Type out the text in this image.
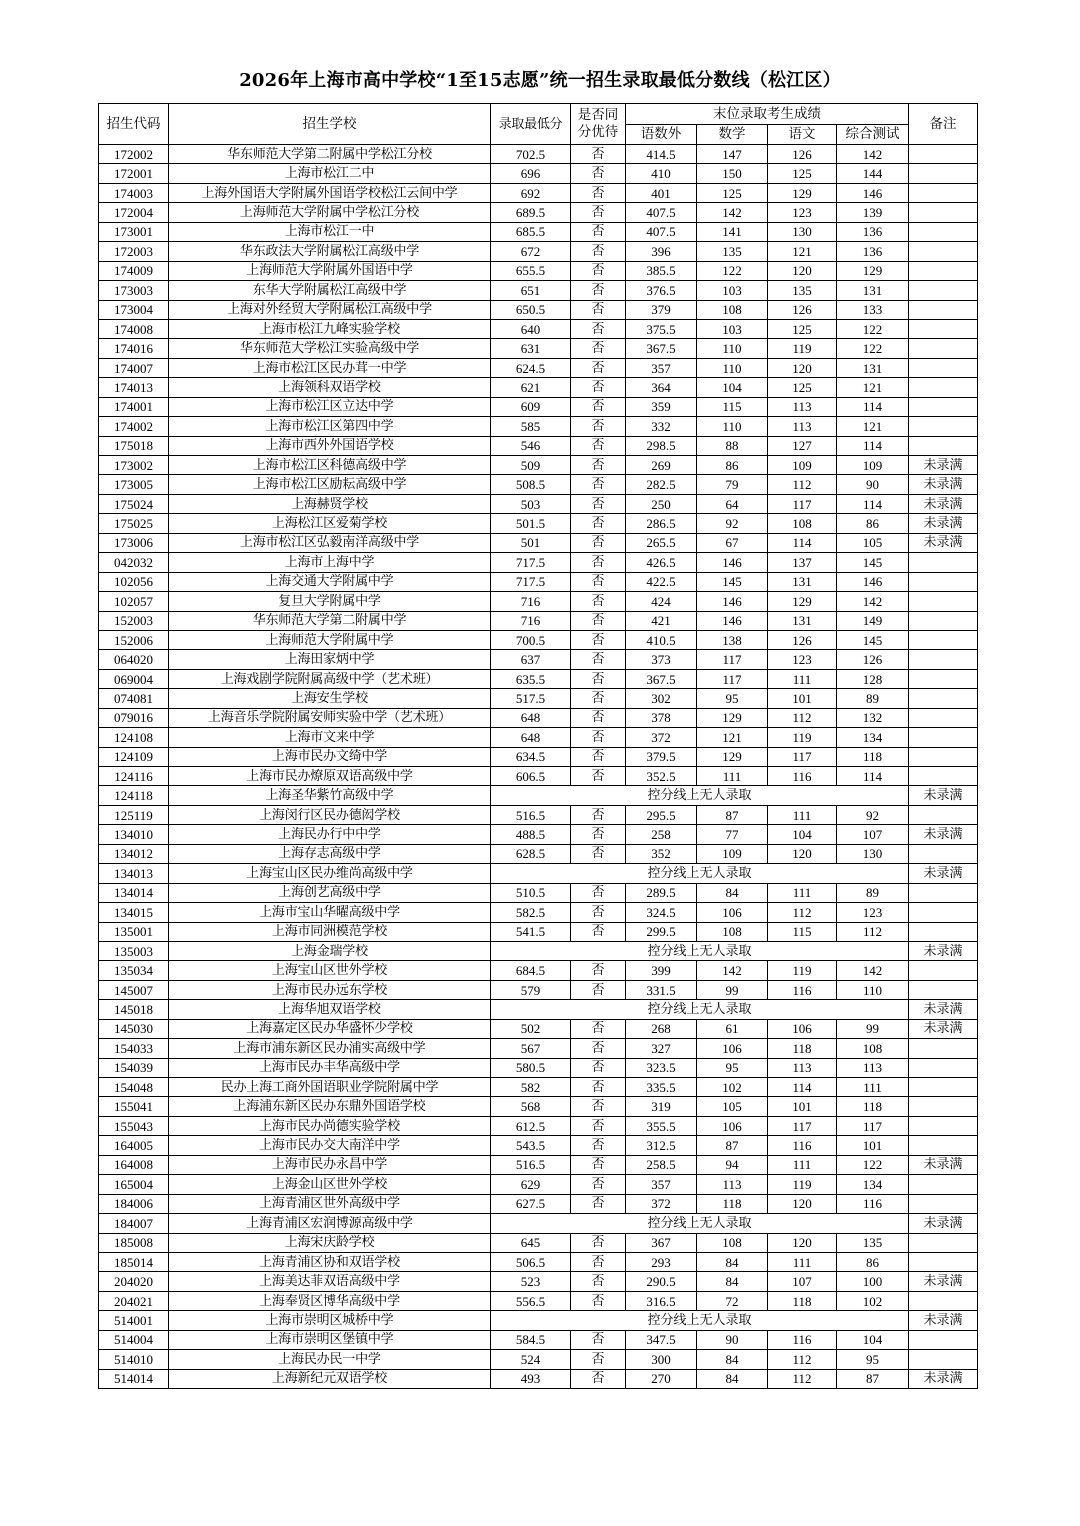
2026年上海市高中学校“1至15志愿”统一招生录取最低分数线（松江区）
招生代码	招生学校	录取最低分	是否同分优待	末位录取考生成绩				备注
				语数外	数学	语文	综合测试	
172002	华东师范大学第二附属中学松江分校	702.5	否	414.5	147	126	142	
172001	上海市松江二中	696	否	410	150	125	144	
174003	上海外国语大学附属外国语学校松江云间中学	692	否	401	125	129	146	
172004	上海师范大学附属中学松江分校	689.5	否	407.5	142	123	139	
173001	上海市松江一中	685.5	否	407.5	141	130	136	
172003	华东政法大学附属松江高级中学	672	否	396	135	121	136	
174009	上海师范大学附属外国语中学	655.5	否	385.5	122	120	129	
173003	东华大学附属松江高级中学	651	否	376.5	103	135	131	
173004	上海对外经贸大学附属松江高级中学	650.5	否	379	108	126	133	
174008	上海市松江九峰实验学校	640	否	375.5	103	125	122	
174016	华东师范大学松江实验高级中学	631	否	367.5	110	119	122	
174007	上海市松江区民办茸一中学	624.5	否	357	110	120	131	
174013	上海领科双语学校	621	否	364	104	125	121	
174001	上海市松江区立达中学	609	否	359	115	113	114	
174002	上海市松江区第四中学	585	否	332	110	113	121	
175018	上海市西外外国语学校	546	否	298.5	88	127	114	
173002	上海市松江区科德高级中学	509	否	269	86	109	109	未录满
173005	上海市松江区励耘高级中学	508.5	否	282.5	79	112	90	未录满
175024	上海赫贤学校	503	否	250	64	117	114	未录满
175025	上海松江区爱菊学校	501.5	否	286.5	92	108	86	未录满
173006	上海市松江区弘毅南洋高级中学	501	否	265.5	67	114	105	未录满
042032	上海市上海中学	717.5	否	426.5	146	137	145	
102056	上海交通大学附属中学	717.5	否	422.5	145	131	146	
102057	复旦大学附属中学	716	否	424	146	129	142	
152003	华东师范大学第二附属中学	716	否	421	146	131	149	
152006	上海师范大学附属中学	700.5	否	410.5	138	126	145	
064020	上海田家炳中学	637	否	373	117	123	126	
069004	上海戏剧学院附属高级中学（艺术班）	635.5	否	367.5	117	111	128	
074081	上海安生学校	517.5	否	302	95	101	89	
079016	上海音乐学院附属安师实验中学（艺术班）	648	否	378	129	112	132	
124108	上海市文来中学	648	否	372	121	119	134	
124109	上海市民办文绮中学	634.5	否	379.5	129	117	118	
124116	上海市民办燎原双语高级中学	606.5	否	352.5	111	116	114	
124118	上海圣华紫竹高级中学	控分线上无人录取						未录满
125119	上海闵行区民办德闳学校	516.5	否	295.5	87	111	92	
134010	上海民办行中中学	488.5	否	258	77	104	107	未录满
134012	上海存志高级中学	628.5	否	352	109	120	130	
134013	上海宝山区民办维尚高级中学	控分线上无人录取						未录满
134014	上海创艺高级中学	510.5	否	289.5	84	111	89	
134015	上海市宝山华曜高级中学	582.5	否	324.5	106	112	123	
135001	上海市同洲模范学校	541.5	否	299.5	108	115	112	
135003	上海金瑞学校	控分线上无人录取						未录满
135034	上海宝山区世外学校	684.5	否	399	142	119	142	
145007	上海市民办远东学校	579	否	331.5	99	116	110	
145018	上海华旭双语学校	控分线上无人录取						未录满
145030	上海嘉定区民办华盛怀少学校	502	否	268	61	106	99	未录满
154033	上海市浦东新区民办浦实高级中学	567	否	327	106	118	108	
154039	上海市民办丰华高级中学	580.5	否	323.5	95	113	113	
154048	民办上海工商外国语职业学院附属中学	582	否	335.5	102	114	111	
155041	上海浦东新区民办东鼎外国语学校	568	否	319	105	101	118	
155043	上海市民办尚德实验学校	612.5	否	355.5	106	117	117	
164005	上海市民办交大南洋中学	543.5	否	312.5	87	116	101	
164008	上海市民办永昌中学	516.5	否	258.5	94	111	122	未录满
165004	上海金山区世外学校	629	否	357	113	119	134	
184006	上海青浦区世外高级中学	627.5	否	372	118	120	116	
184007	上海青浦区宏润博源高级中学	控分线上无人录取						未录满
185008	上海宋庆龄学校	645	否	367	108	120	135	
185014	上海青浦区协和双语学校	506.5	否	293	84	111	86	
204020	上海美达菲双语高级中学	523	否	290.5	84	107	100	未录满
204021	上海奉贤区博华高级中学	556.5	否	316.5	72	118	102	
514001	上海市崇明区城桥中学	控分线上无人录取						未录满
514004	上海市崇明区堡镇中学	584.5	否	347.5	90	116	104	
514010	上海民办民一中学	524	否	300	84	112	95	
514014	上海新纪元双语学校	493	否	270	84	112	87	未录满
